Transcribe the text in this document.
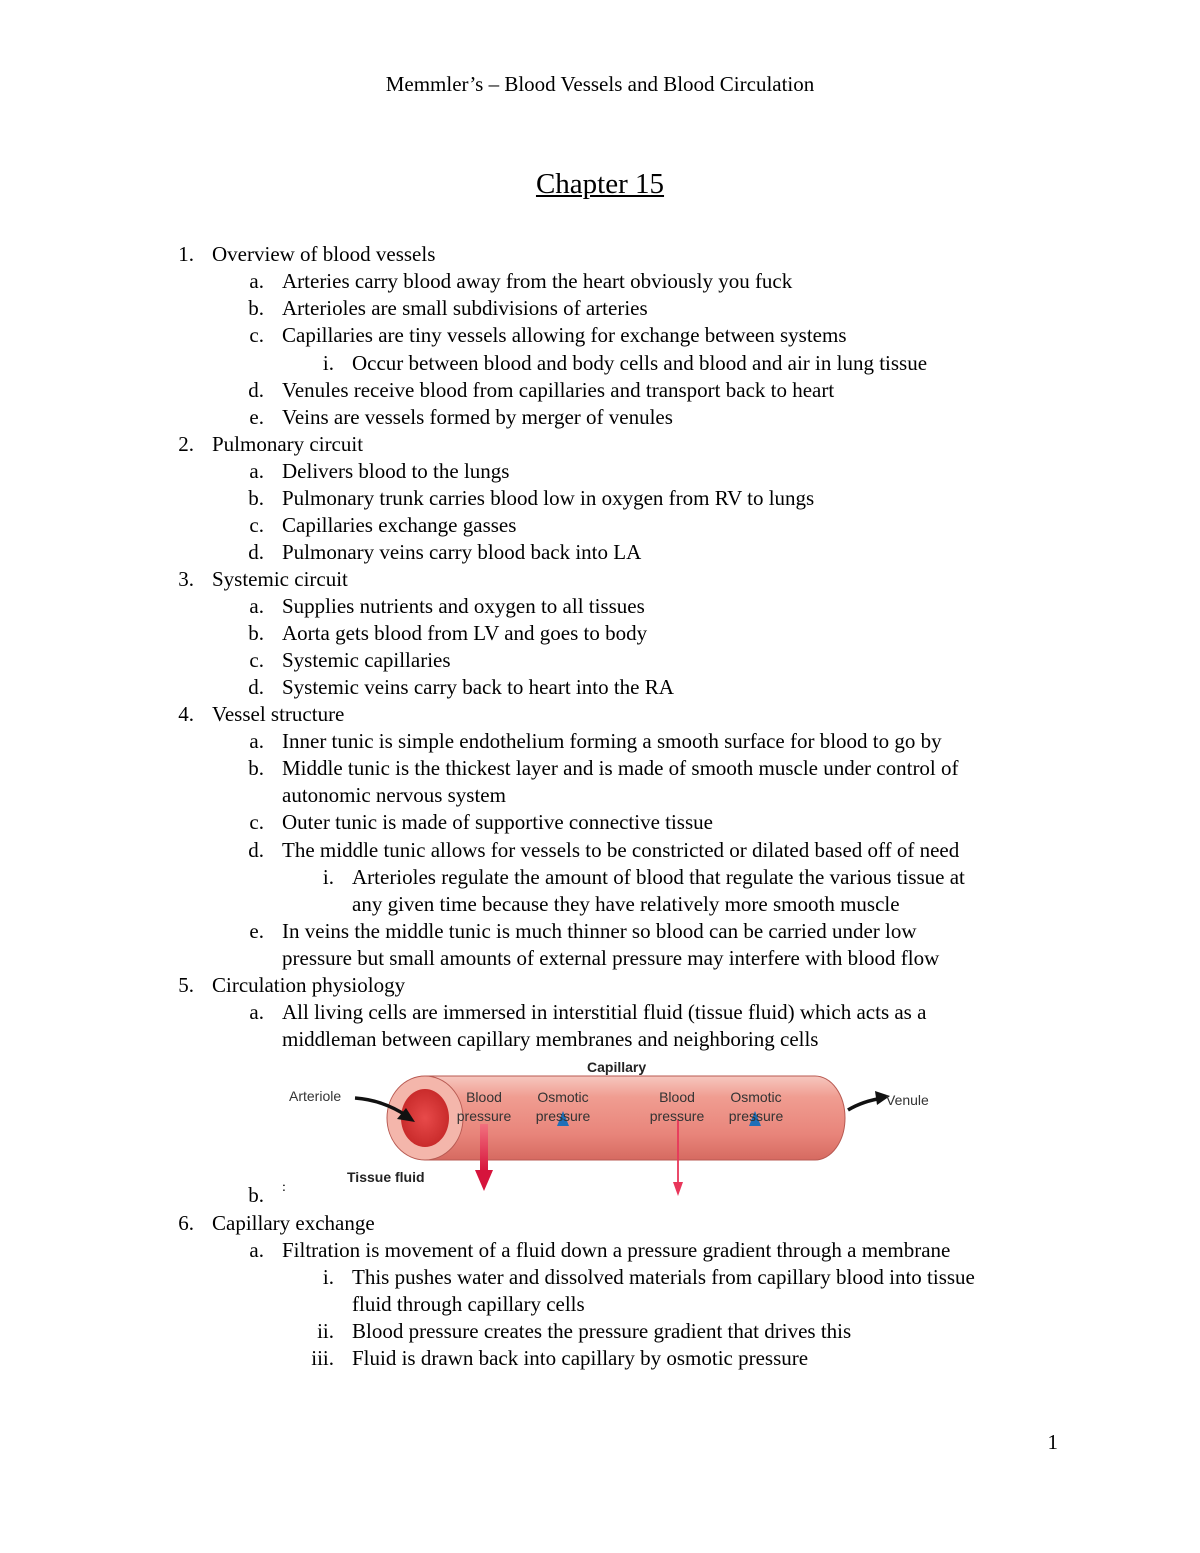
Memmler’s – Blood Vessels and Blood Circulation
Chapter 15
1. Overview of blood vessels
a. Arteries carry blood away from the heart obviously you fuck
b. Arterioles are small subdivisions of arteries
c. Capillaries are tiny vessels allowing for exchange between systems
i. Occur between blood and body cells and blood and air in lung tissue
d. Venules receive blood from capillaries and transport back to heart
e. Veins are vessels formed by merger of venules
2. Pulmonary circuit
a. Delivers blood to the lungs
b. Pulmonary trunk carries blood low in oxygen from RV to lungs
c. Capillaries exchange gasses
d. Pulmonary veins carry blood back into LA
3. Systemic circuit
a. Supplies nutrients and oxygen to all tissues
b. Aorta gets blood from LV and goes to body
c. Systemic capillaries
d. Systemic veins carry back to heart into the RA
4. Vessel structure
a. Inner tunic is simple endothelium forming a smooth surface for blood to go by
b. Middle tunic is the thickest layer and is made of smooth muscle under control of
autonomic nervous system
c. Outer tunic is made of supportive connective tissue
d. The middle tunic allows for vessels to be constricted or dilated based off of need
i. Arterioles regulate the amount of blood that regulate the various tissue at
any given time because they have relatively more smooth muscle
e. In veins the middle tunic is much thinner so blood can be carried under low
pressure but small amounts of external pressure may interfere with blood flow
5. Circulation physiology
a. All living cells are immersed in interstitial fluid (tissue fluid) which acts as a
middleman between capillary membranes and neighboring cells
b.
Capillary
Arteriole	Venule
Tissue fluid
Blood
pressure
Osmotic
pressure
Blood
pressure
Osmotic
pressure
:
6. Capillary exchange
a. Filtration is movement of a fluid down a pressure gradient through a membrane
i. This pushes water and dissolved materials from capillary blood into tissue
fluid through capillary cells
ii. Blood pressure creates the pressure gradient that drives this
iii. Fluid is drawn back into capillary by osmotic pressure
1
